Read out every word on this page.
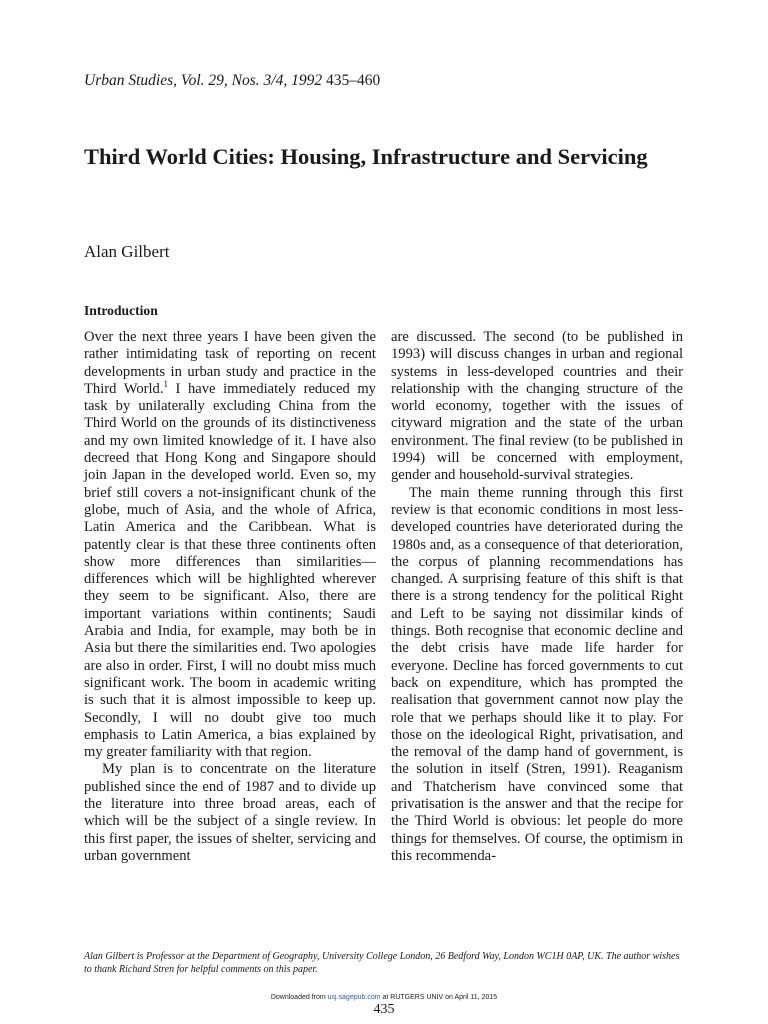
Urban Studies, Vol. 29, Nos. 3/4, 1992 435–460
Third World Cities: Housing, Infrastructure and Servicing
Alan Gilbert
Introduction

Over the next three years I have been given the rather intimidating task of reporting on recent developments in urban study and practice in the Third World.$^1$ I have immediately reduced my task by unilaterally excluding China from the Third World on the grounds of its distinctiveness and my own limited knowledge of it. I have also decreed that Hong Kong and Singapore should join Japan in the developed world. Even so, my brief still covers a not-insignificant chunk of the globe, much of Asia, and the whole of Africa, Latin America and the Caribbean. What is patently clear is that these three continents often show more differences than similarities—differences which will be highlighted wherever they seem to be significant. Also, there are important variations within continents; Saudi Arabia and India, for example, may both be in Asia but there the similarities end. Two apologies are also in order. First, I will no doubt miss much significant work. The boom in academic writing is such that it is almost impossible to keep up. Secondly, I will no doubt give too much emphasis to Latin America, a bias explained by my greater familiarity with that region.

My plan is to concentrate on the literature published since the end of 1987 and to divide up the literature into three broad areas, each of which will be the subject of a single review. In this first paper, the issues of shelter, servicing and urban government

are discussed. The second (to be published in 1993) will discuss changes in urban and regional systems in less-developed countries and their relationship with the changing structure of the world economy, together with the issues of cityward migration and the state of the urban environment. The final review (to be published in 1994) will be concerned with employment, gender and household-survival strategies.

The main theme running through this first review is that economic conditions in most less-developed countries have deteriorated during the 1980s and, as a consequence of that deterioration, the corpus of planning recommendations has changed. A surprising feature of this shift is that there is a strong tendency for the political Right and Left to be saying not dissimilar kinds of things. Both recognise that economic decline and the debt crisis have made life harder for everyone. Decline has forced governments to cut back on expenditure, which has prompted the realisation that government cannot now play the role that we perhaps should like it to play. For those on the ideological Right, privatisation, and the removal of the damp hand of government, is the solution in itself (Stren, 1991). Reaganism and Thatcherism have convinced some that privatisation is the answer and that the recipe for the Third World is obvious: let people do more things for themselves. Of course, the optimism in this recommenda-

Alan Gilbert is Professor at the Department of Geography, University College London, 26 Bedford Way, London WC1H 0AP, UK. The author wishes to thank Richard Stren for helpful comments on this paper.
Downloaded from usj.sagepub.com at RUTGERS UNIV on April 11, 2015
435
